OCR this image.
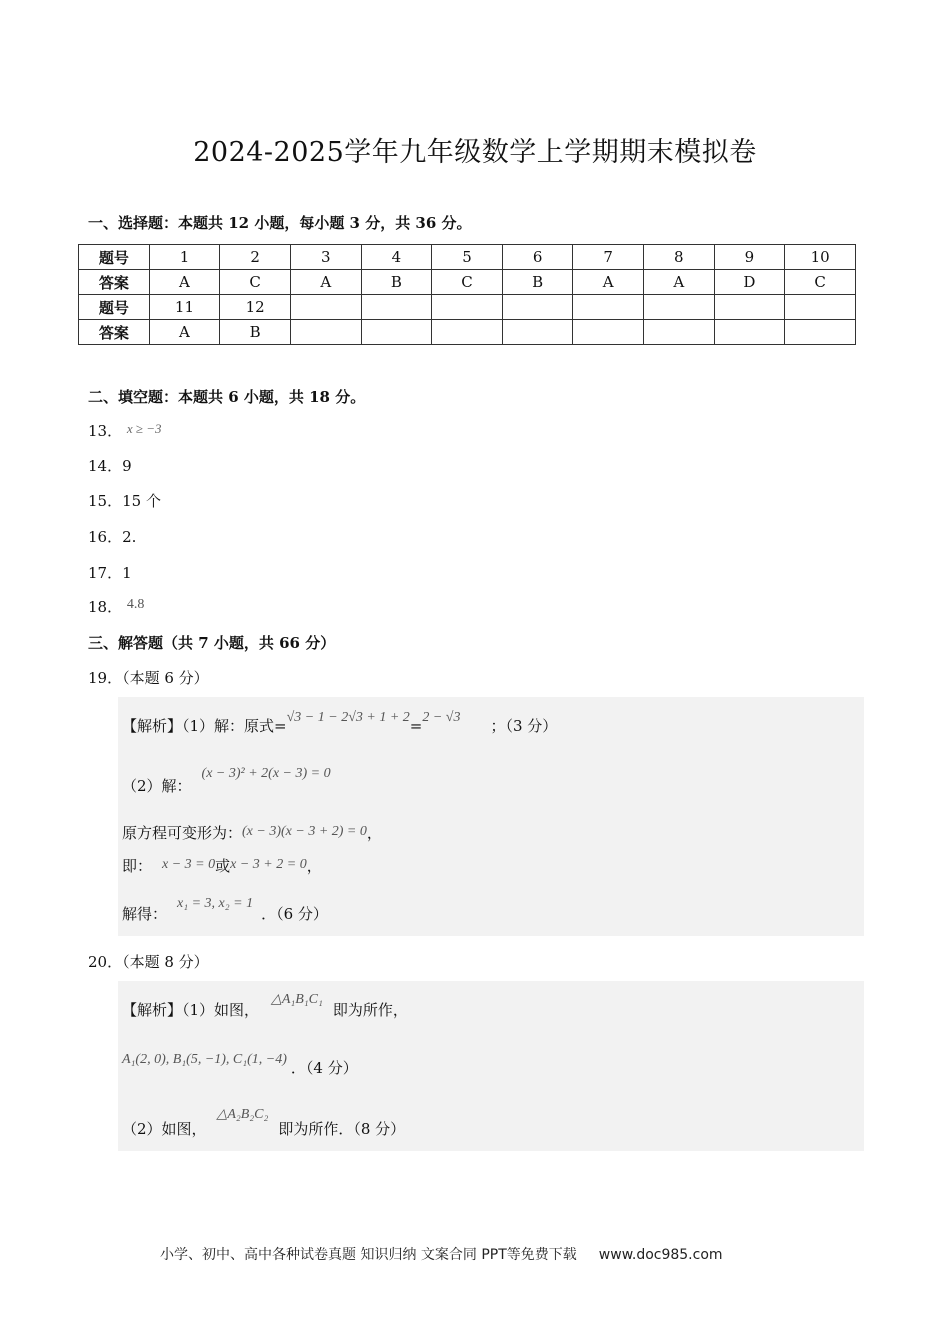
2024-2025学年九年级数学上学期期末模拟卷
一、选择题：本题共 12 小题，每小题 3 分，共 36 分。
题号	1	2	3	4	5	6	7	8	9	10
答案	A	C	A	B	C	B	A	A	D	C
题号	11	12								
答案	A	B								
二、填空题：本题共 6 小题，共 18 分。
13． x ≥ −3
14．9
15．15 个
16．2.
17．1
18． 4.8
三、解答题（共 7 小题，共 66 分）
19．（本题 6 分）
【解析】（1）解：原式=√3 − 1 − 2√3 + 1 + 2=2 − √3 ；（3 分）
（2）解：(x − 3)² + 2(x − 3) = 0
原方程可变形为：(x − 3)(x − 3 + 2) = 0，
即： x − 3 = 0或x − 3 + 2 = 0，
解得：x₁ = 3, x₂ = 1．（6 分）
20．（本题 8 分）
【解析】（1）如图，△A₁B₁C₁即为所作，
A₁(2, 0), B₁(5, −1), C₁(1, −4) ．（4 分）
（2）如图，△A₂B₂C₂即为所作．（8 分）
小学、初中、高中各种试卷真题 知识归纳 文案合同 PPT等免费下载 www.doc985.com
